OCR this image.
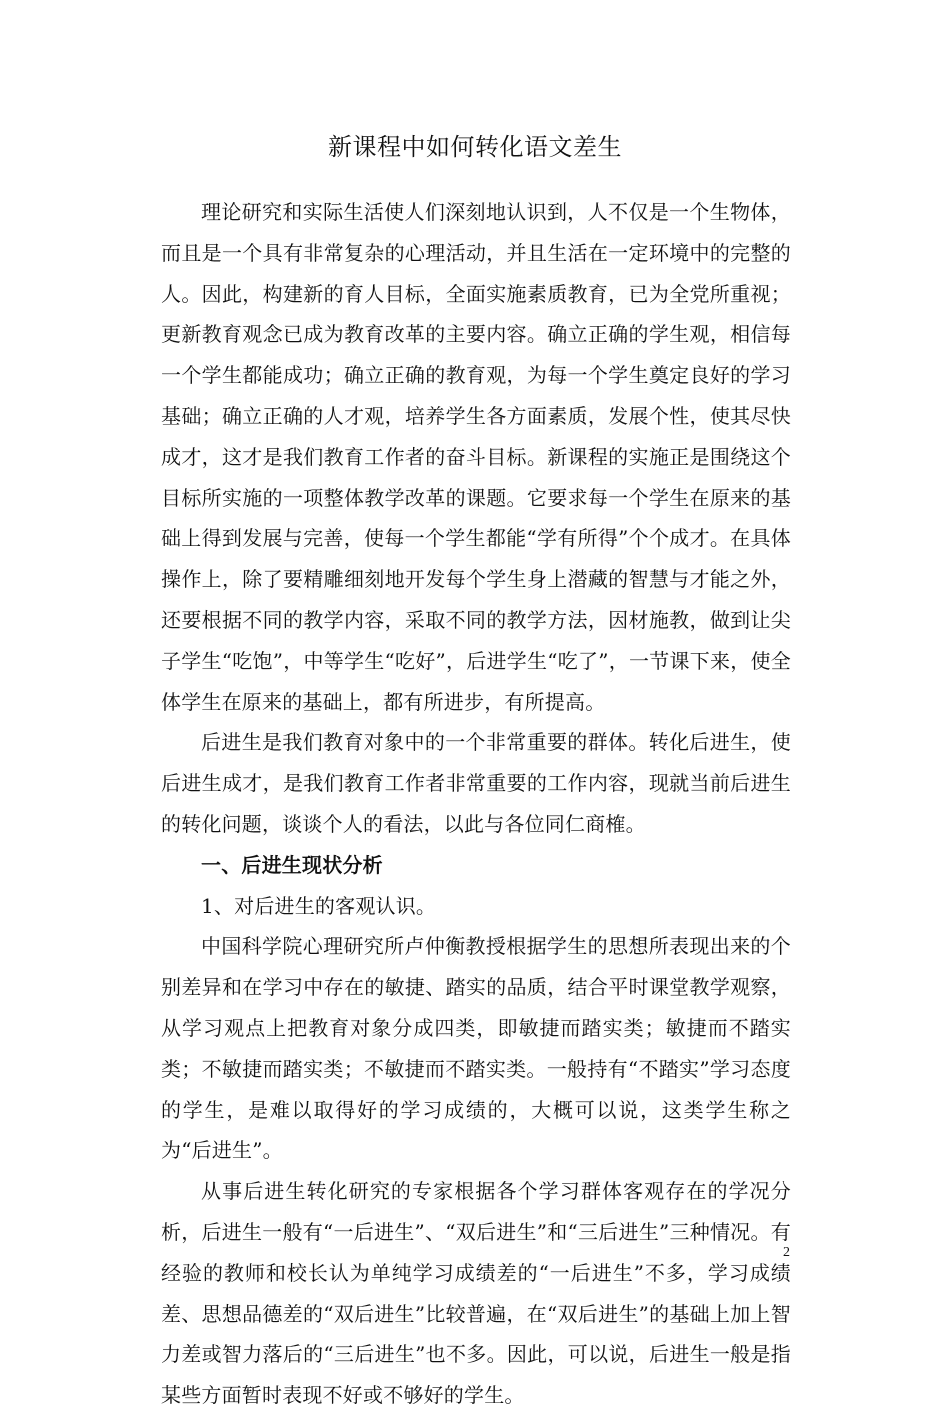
新课程中如何转化语文差生

理论研究和实际生活使人们深刻地认识到，人不仅是一个生物体，而且是一个具有非常复杂的心理活动，并且生活在一定环境中的完整的人。因此，构建新的育人目标，全面实施素质教育，已为全党所重视；更新教育观念已成为教育改革的主要内容。确立正确的学生观，相信每一个学生都能成功；确立正确的教育观，为每一个学生奠定良好的学习基础；确立正确的人才观，培养学生各方面素质，发展个性，使其尽快成才，这才是我们教育工作者的奋斗目标。新课程的实施正是围绕这个目标所实施的一项整体教学改革的课题。它要求每一个学生在原来的基础上得到发展与完善，使每一个学生都能“学有所得”个个成才。在具体操作上，除了要精雕细刻地开发每个学生身上潜藏的智慧与才能之外，还要根据不同的教学内容，采取不同的教学方法，因材施教，做到让尖子学生“吃饱”，中等学生“吃好”，后进学生“吃了”，一节课下来，使全体学生在原来的基础上，都有所进步，有所提高。

后进生是我们教育对象中的一个非常重要的群体。转化后进生，使后进生成才，是我们教育工作者非常重要的工作内容，现就当前后进生的转化问题，谈谈个人的看法，以此与各位同仁商榷。

一、后进生现状分析

1、对后进生的客观认识。

中国科学院心理研究所卢仲衡教授根据学生的思想所表现出来的个别差异和在学习中存在的敏捷、踏实的品质，结合平时课堂教学观察，从学习观点上把教育对象分成四类，即敏捷而踏实类；敏捷而不踏实类；不敏捷而踏实类；不敏捷而不踏实类。一般持有“不踏实”学习态度的学生，是难以取得好的学习成绩的，大概可以说，这类学生称之为“后进生”。

从事后进生转化研究的专家根据各个学习群体客观存在的学况分析，后进生一般有“一后进生”、“双后进生”和“三后进生”三种情况。有经验的教师和校长认为单纯学习成绩差的“一后进生”不多，学习成绩差、思想品德差的“双后进生”比较普遍，在“双后进生”的基础上加上智力差或智力落后的“三后进生”也不多。因此，可以说，后进生一般是指某些方面暂时表现不好或不够好的学生。

2
